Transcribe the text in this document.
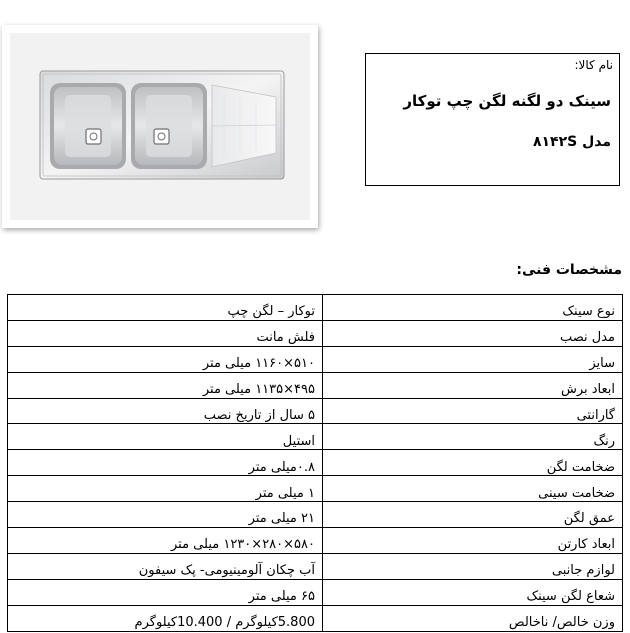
نام کالا:
سینک دو لگنه لگن چپ توکار
مدل ۸۱۴۲S
مشخصات فنی:
نوع سینک	توکار – لگن چپ
مدل نصب	فلش مانت
سایز	۵۱۰×۱۱۶۰ میلی متر
ابعاد برش	۴۹۵×۱۱۳۵ میلی متر
گارانتی	۵ سال از تاریخ نصب
رنگ	استیل
ضخامت لگن	۰.۸میلی متر
ضخامت سینی	۱ میلی متر
عمق لگن	۲۱ میلی متر
ابعاد کارتن	۵۸۰×۲۸۰×۱۲۳۰ میلی متر
لوازم جانبی	آب چکان آلومینیومی- پک سیفون
شعاع لگن سینک	۶۵ میلی متر
وزن خالص/ ناخالص	5.800کیلوگرم / 10.400کیلوگرم
